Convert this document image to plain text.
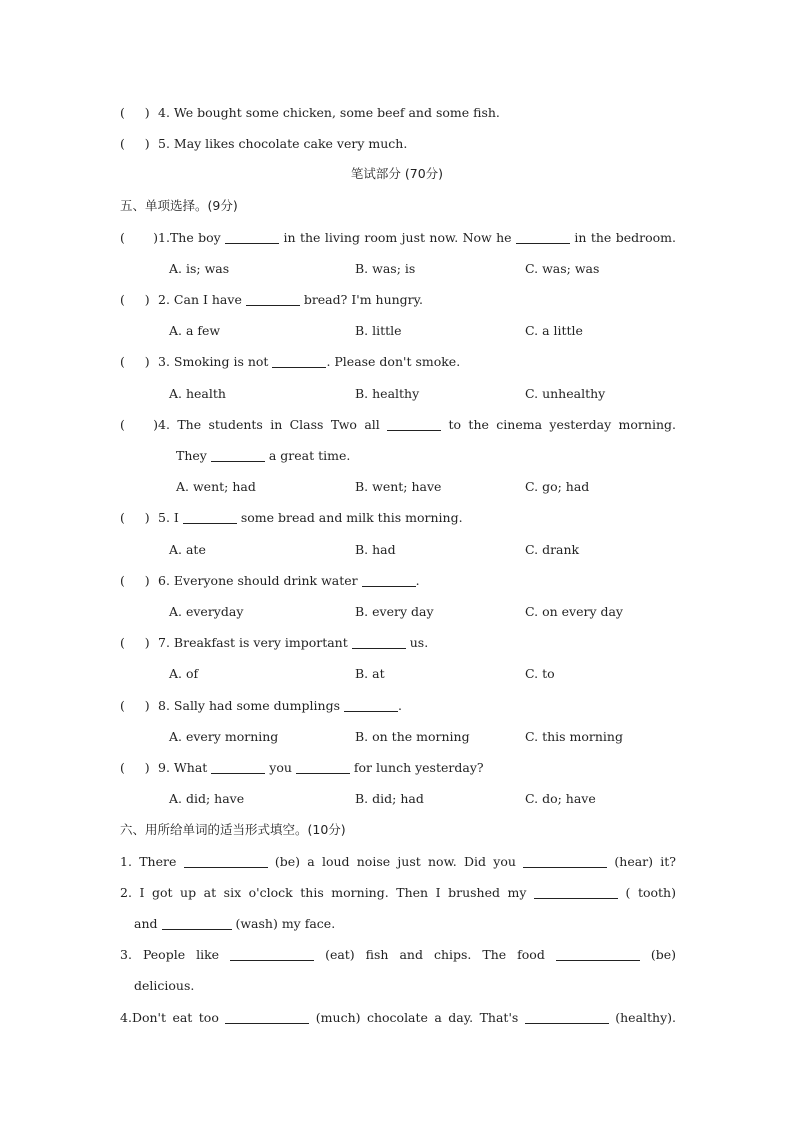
(     ) 4. We bought some chicken, some beef and some fish.
(     ) 5. May likes chocolate cake very much.
笔试部分 (70分)
五、单项选择。(9分)
( )1.The boy	in the living room just now. Now he	in the bedroom.
A. is; was	B. was; is	C. was; was
(     ) 2. Can I have	bread? I'm hungry.
A. a few	B. little	C. a little
(     ) 3. Smoking is not	. Please don't smoke.
A. health	B. healthy	C. unhealthy
( )4. The students in Class Two all	to the cinema yesterday morning.
They	a great time.
A. went; had	B. went; have	C. go; had
(     ) 5. I	some bread and milk this morning.
A. ate	B. had	C. drank
(     ) 6. Everyone should drink water	.
A. everyday	B. every day	C. on every day
(     ) 7. Breakfast is very important	us.
A. of	B. at	C. to
(     ) 8. Sally had some dumplings	.
A. every morning	B. on the morning	C. this morning
(     ) 9. What	you	for lunch yesterday?
A. did; have	B. did; had	C. do; have
六、用所给单词的适当形式填空。(10分)
1. There	(be) a loud noise just now. Did you	(hear) it?
2. I got up at six o'clock this morning. Then I brushed my	( tooth)
and	(wash) my face.
3. People like	(eat) fish and chips. The food	(be)
delicious.
4.Don't eat too	(much) chocolate a day. That's	(healthy).
